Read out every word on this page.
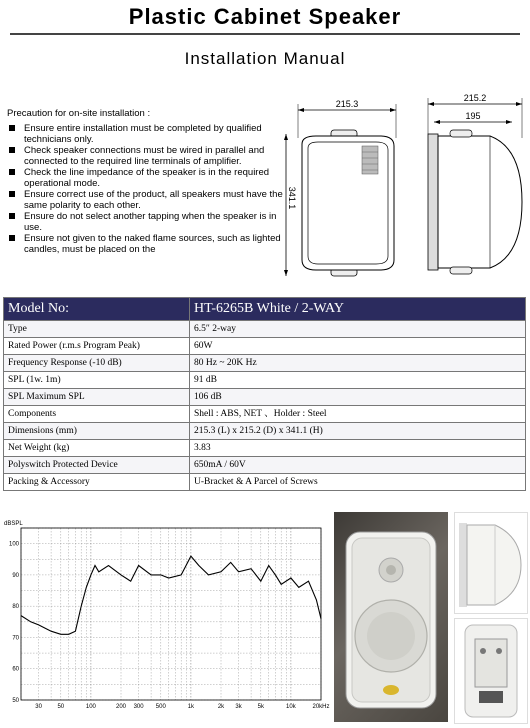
Plastic Cabinet Speaker
Installation Manual
Precaution for on-site installation :
Ensure entire installation must be completed by qualified technicians only.
Check speaker connections must be wired in parallel and connected to the required line terminals of amplifier.
Check the line impedance of the speaker is in the required operational mode.
Ensure correct use of the product, all speakers must have the same polarity to each other.
Ensure do not select another tapping when the speaker is in use.
Ensure not given to the naked flame sources, such as lighted candles, must be placed on the
215.3
341.1
215.2
195
Model No:	HT-6265B White / 2-WAY
Type	6.5″ 2-way
Rated Power (r.m.s Program Peak)	60W
Frequency Response (-10 dB)	80 Hz ~ 20K Hz
SPL (1w. 1m)	91 dB
SPL Maximum SPL	106 dB
Components	Shell : ABS, NET 、Holder : Steel
Dimensions (mm)	215.3 (L) x 215.2 (D) x 341.1 (H)
Net Weight (kg)	3.83
Polyswitch Protected Device	650mA / 60V
Packing & Accessory	U-Bracket & A Parcel of Screws
dBSPL
100
90
80
70
60
50
30	50	100	200 300 500	1k	2k 3k	5k	10k	20kHz
